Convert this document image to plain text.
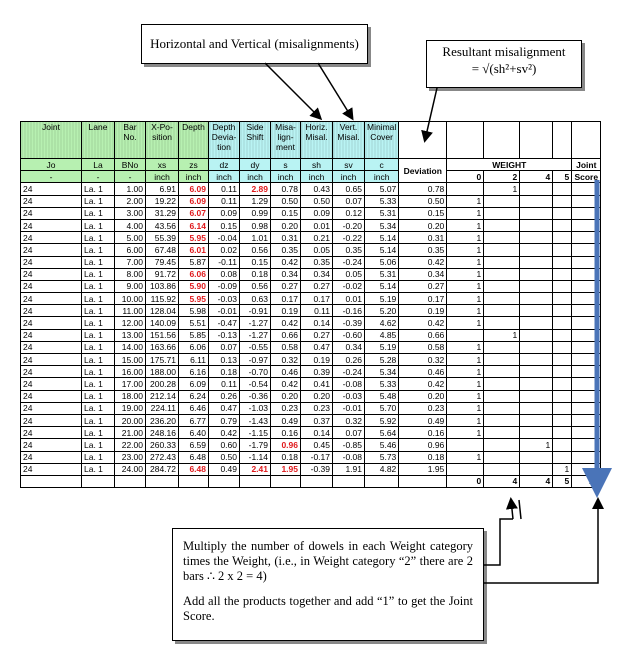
Horizontal and Vertical (misalignments)
Resultant misalignment
= √(sh²+sv²)
Joint	Lane	Bar No.	X-Po-sition	Depth	Depth Devia-tion	Side Shift	Misa-lign-ment	Horiz. Misal.	Vert. Misal.	Minimal Cover						
Jo	La	BNo	xs	zs	dz	dy	s	sh	sv	c	Deviation	WEIGHT				Joint
-	-	-	inch	inch	inch	inch	inch	inch	inch	inch		0	2	4	5	Score
24	La. 1	1.00	6.91	6.09	0.11	2.89	0.78	0.43	0.65	5.07	0.78		1			
24	La. 1	2.00	19.22	6.09	0.11	1.29	0.50	0.50	0.07	5.33	0.50	1				
24	La. 1	3.00	31.29	6.07	0.09	0.99	0.15	0.09	0.12	5.31	0.15	1				
24	La. 1	4.00	43.56	6.14	0.15	0.98	0.20	0.01	-0.20	5.34	0.20	1				
24	La. 1	5.00	55.39	5.95	-0.04	1.01	0.31	0.21	-0.22	5.14	0.31	1				
24	La. 1	6.00	67.48	6.01	0.02	0.56	0.35	0.05	0.35	5.14	0.35	1				
24	La. 1	7.00	79.45	5.87	-0.11	0.15	0.42	0.35	-0.24	5.06	0.42	1				
24	La. 1	8.00	91.72	6.06	0.08	0.18	0.34	0.34	0.05	5.31	0.34	1				
24	La. 1	9.00	103.86	5.90	-0.09	0.56	0.27	0.27	-0.02	5.14	0.27	1				
24	La. 1	10.00	115.92	5.95	-0.03	0.63	0.17	0.17	0.01	5.19	0.17	1				
24	La. 1	11.00	128.04	5.98	-0.01	-0.91	0.19	0.11	-0.16	5.20	0.19	1				
24	La. 1	12.00	140.09	5.51	-0.47	-1.27	0.42	0.14	-0.39	4.62	0.42	1				
24	La. 1	13.00	151.56	5.85	-0.13	-1.27	0.66	0.27	-0.60	4.85	0.66		1			
24	La. 1	14.00	163.66	6.06	0.07	-0.55	0.58	0.47	0.34	5.19	0.58	1				
24	La. 1	15.00	175.71	6.11	0.13	-0.97	0.32	0.19	0.26	5.28	0.32	1				
24	La. 1	16.00	188.00	6.16	0.18	-0.70	0.46	0.39	-0.24	5.34	0.46	1				
24	La. 1	17.00	200.28	6.09	0.11	-0.54	0.42	0.41	-0.08	5.33	0.42	1				
24	La. 1	18.00	212.14	6.24	0.26	-0.36	0.20	0.20	-0.03	5.48	0.20	1				
24	La. 1	19.00	224.11	6.46	0.47	-1.03	0.23	0.23	-0.01	5.70	0.23	1				
24	La. 1	20.00	236.20	6.77	0.79	-1.43	0.49	0.37	0.32	5.92	0.49	1				
24	La. 1	21.00	248.16	6.40	0.42	-1.15	0.16	0.14	0.07	5.64	0.16	1				
24	La. 1	22.00	260.33	6.59	0.60	-1.79	0.96	0.45	-0.85	5.46	0.96			1		
24	La. 1	23.00	272.43	6.48	0.50	-1.14	0.18	-0.17	-0.08	5.73	0.18	1				
24	La. 1	24.00	284.72	6.48	0.49	2.41	1.95	-0.39	1.91	4.82	1.95				1	
												0	4	4	5	14

Multiply the number of dowels in each Weight category times the Weight, (i.e., in Weight category “2” there are 2 bars ∴ 2 x 2 = 4)

Add all the products together and add “1” to get the Joint Score.
